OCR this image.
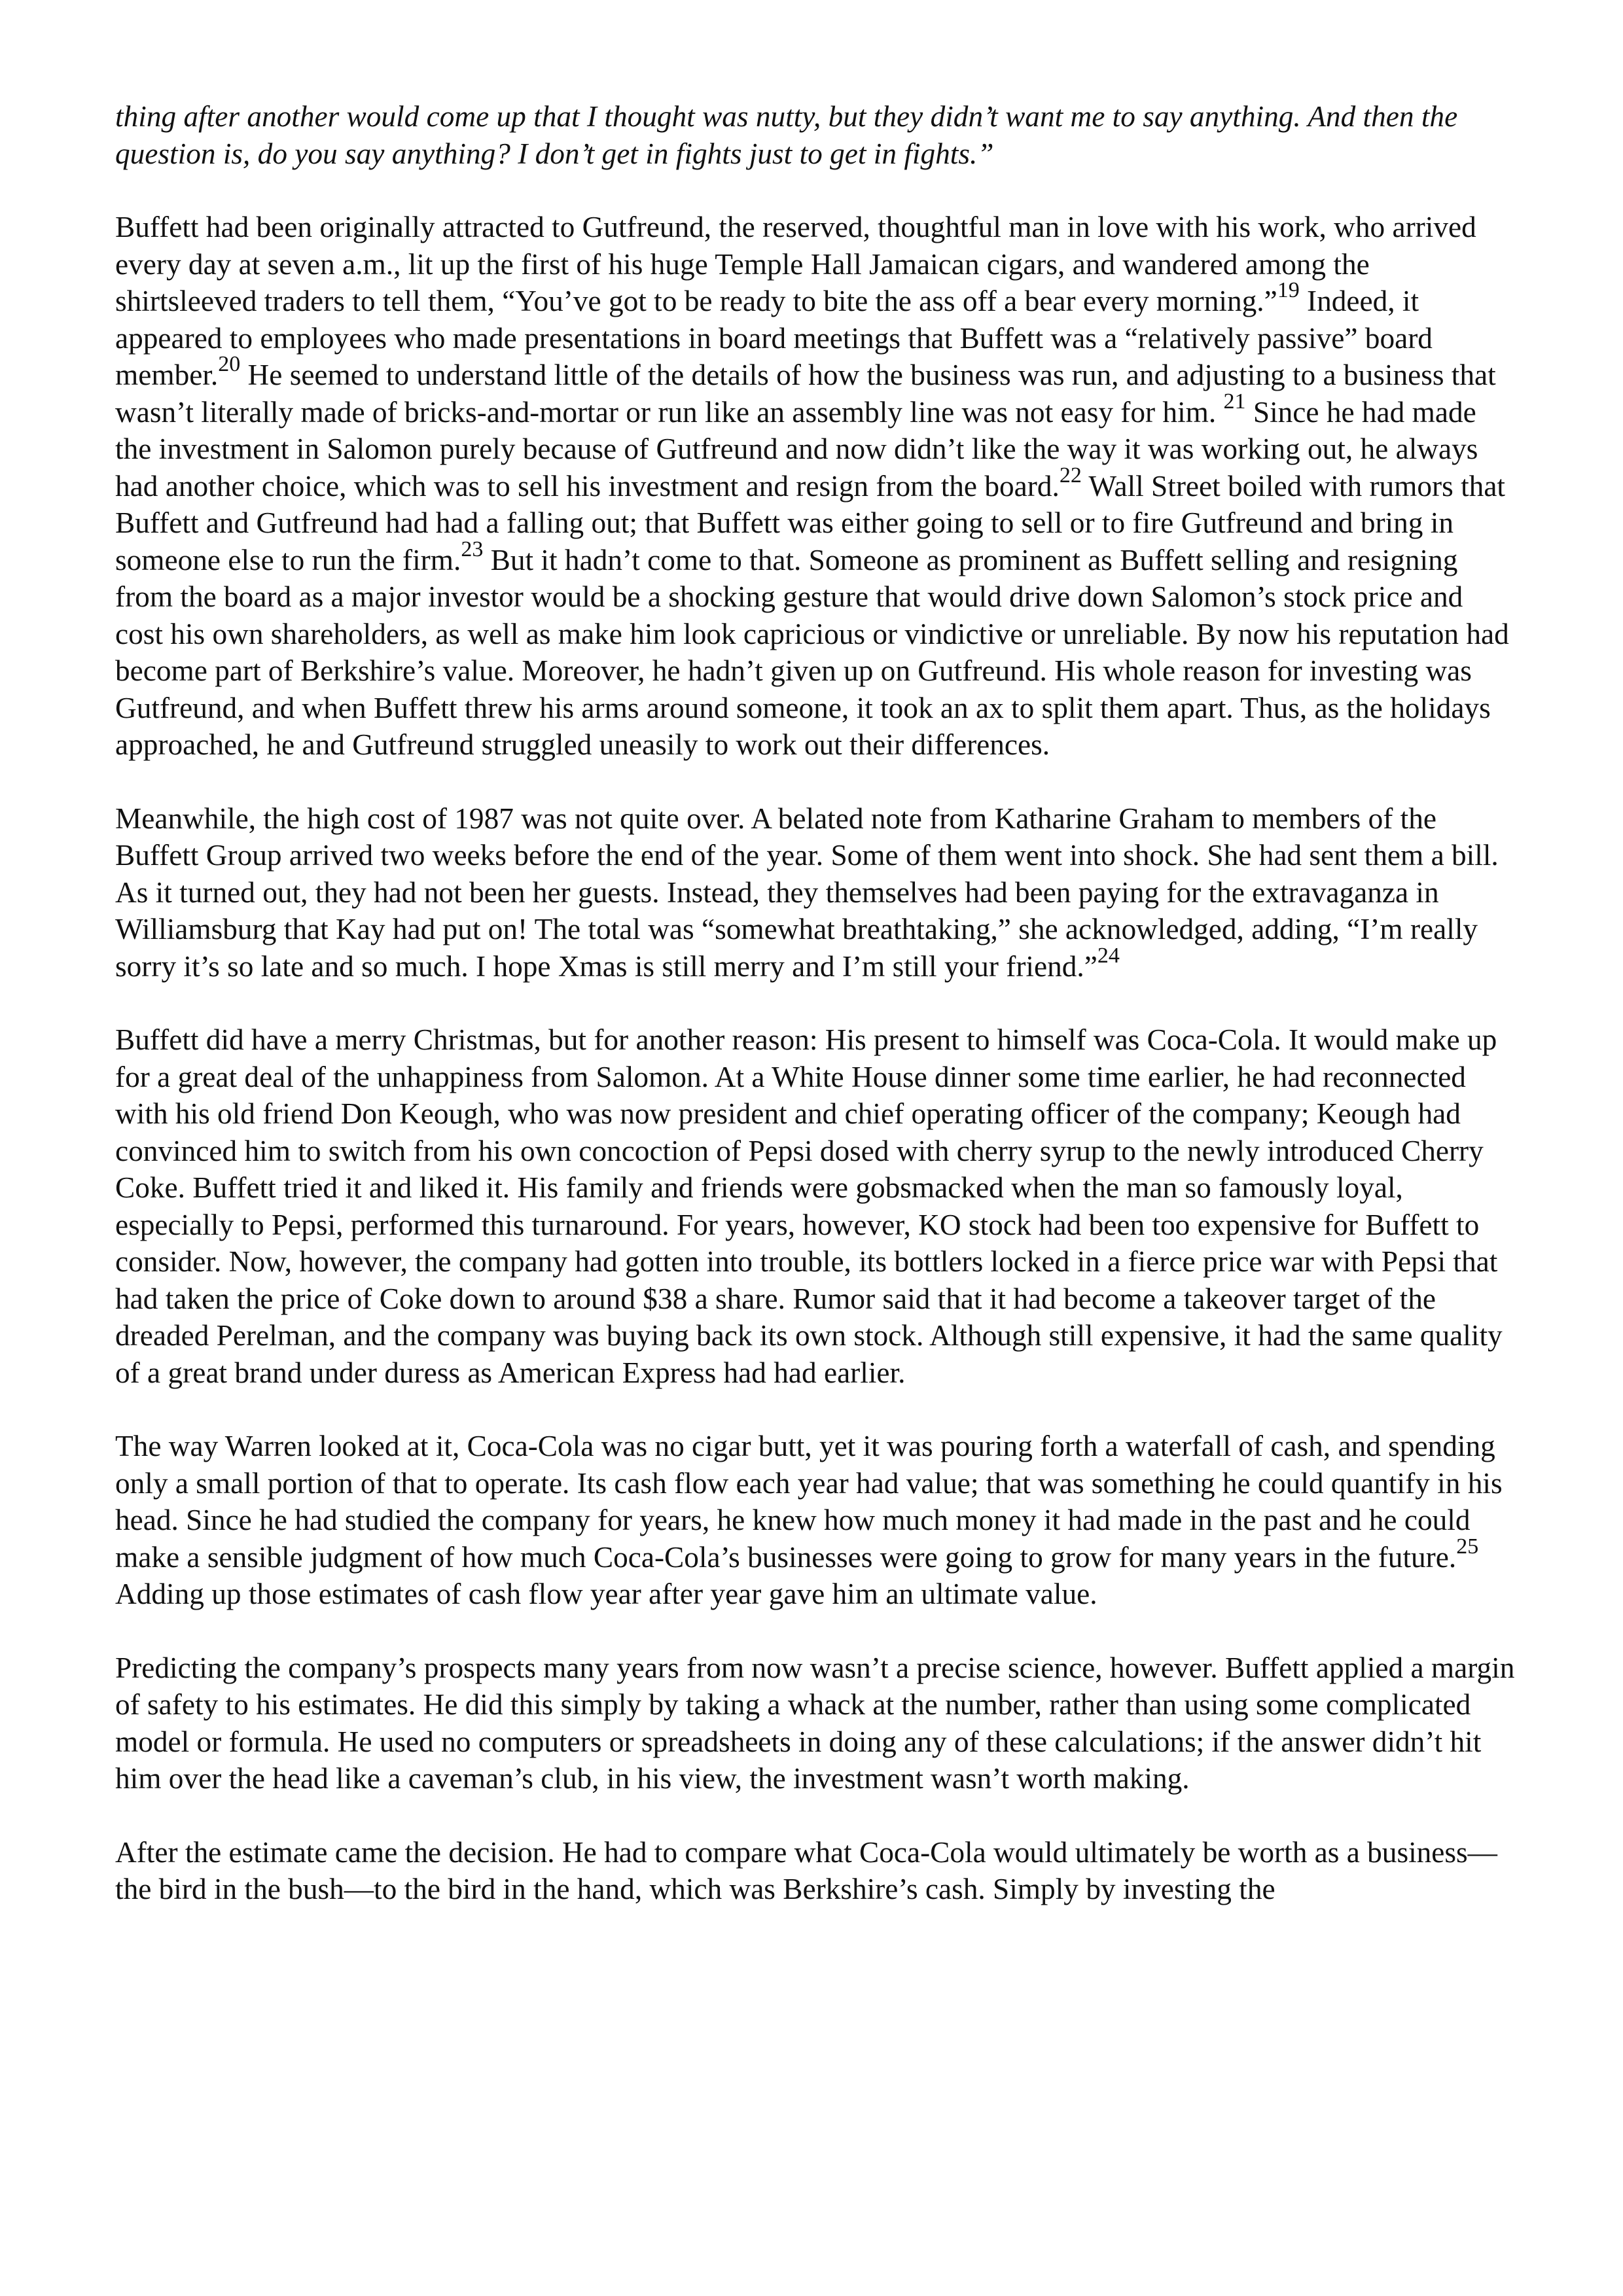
thing after another would come up that I thought was nutty, but they didn’t want me to say anything. And then the question is, do you say anything? I don’t get in fights just to get in fights.”

Buffett had been originally attracted to Gutfreund, the reserved, thoughtful man in love with his work, who arrived every day at seven a.m., lit up the first of his huge Temple Hall Jamaican cigars, and wandered among the shirtsleeved traders to tell them, “You’ve got to be ready to bite the ass off a bear every morning.”$^{19}$ Indeed, it appeared to employees who made presentations in board meetings that Buffett was a “relatively passive” board member.$^{20}$ He seemed to understand little of the details of how the business was run, and adjusting to a business that wasn’t literally made of bricks-and-mortar or run like an assembly line was not easy for him. $^{21}$ Since he had made the investment in Salomon purely because of Gutfreund and now didn’t like the way it was working out, he always had another choice, which was to sell his investment and resign from the board.$^{22}$ Wall Street boiled with rumors that Buffett and Gutfreund had had a falling out; that Buffett was either going to sell or to fire Gutfreund and bring in someone else to run the firm.$^{23}$ But it hadn’t come to that. Someone as prominent as Buffett selling and resigning from the board as a major investor would be a shocking gesture that would drive down Salomon’s stock price and cost his own shareholders, as well as make him look capricious or vindictive or unreliable. By now his reputation had become part of Berkshire’s value. Moreover, he hadn’t given up on Gutfreund. His whole reason for investing was Gutfreund, and when Buffett threw his arms around someone, it took an ax to split them apart. Thus, as the holidays approached, he and Gutfreund struggled uneasily to work out their differences.

Meanwhile, the high cost of 1987 was not quite over. A belated note from Katharine Graham to members of the Buffett Group arrived two weeks before the end of the year. Some of them went into shock. She had sent them a bill. As it turned out, they had not been her guests. Instead, they themselves had been paying for the extravaganza in Williamsburg that Kay had put on! The total was “somewhat breathtaking,” she acknowledged, adding, “I’m really sorry it’s so late and so much. I hope Xmas is still merry and I’m still your friend.”$^{24}$

Buffett did have a merry Christmas, but for another reason: His present to himself was Coca-Cola. It would make up for a great deal of the unhappiness from Salomon. At a White House dinner some time earlier, he had reconnected with his old friend Don Keough, who was now president and chief operating officer of the company; Keough had convinced him to switch from his own concoction of Pepsi dosed with cherry syrup to the newly introduced Cherry Coke. Buffett tried it and liked it. His family and friends were gobsmacked when the man so famously loyal, especially to Pepsi, performed this turnaround. For years, however, KO stock had been too expensive for Buffett to consider. Now, however, the company had gotten into trouble, its bottlers locked in a fierce price war with Pepsi that had taken the price of Coke down to around $38 a share. Rumor said that it had become a takeover target of the dreaded Perelman, and the company was buying back its own stock. Although still expensive, it had the same quality of a great brand under duress as American Express had had earlier.

The way Warren looked at it, Coca-Cola was no cigar butt, yet it was pouring forth a waterfall of cash, and spending only a small portion of that to operate. Its cash flow each year had value; that was something he could quantify in his head. Since he had studied the company for years, he knew how much money it had made in the past and he could make a sensible judgment of how much Coca-Cola’s businesses were going to grow for many years in the future.$^{25}$ Adding up those estimates of cash flow year after year gave him an ultimate value.

Predicting the company’s prospects many years from now wasn’t a precise science, however. Buffett applied a margin of safety to his estimates. He did this simply by taking a whack at the number, rather than using some complicated model or formula. He used no computers or spreadsheets in doing any of these calculations; if the answer didn’t hit him over the head like a caveman’s club, in his view, the investment wasn’t worth making.

After the estimate came the decision. He had to compare what Coca-Cola would ultimately be worth as a business—the bird in the bush—to the bird in the hand, which was Berkshire’s cash. Simply by investing the
